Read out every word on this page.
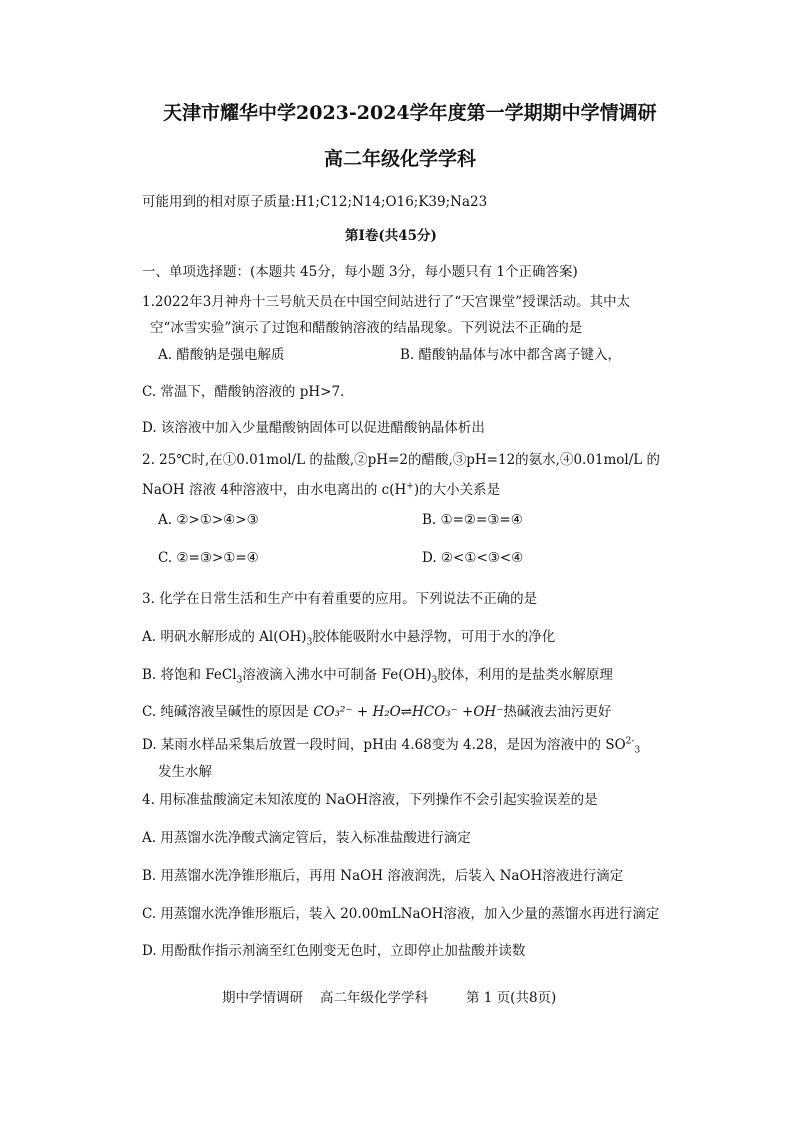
天津市耀华中学2023-2024学年度第一学期期中学情调研
高二年级化学学科
可能用到的相对原子质量:H1;C12;N14;O16;K39;Na23
第Ⅰ卷(共45分)
一、单项选择题：(本题共 45分，每小题 3分，每小题只有 1个正确答案)
1.2022年3月神舟十三号航天员在中国空间站进行了“天宫课堂”授课活动。其中太
空“冰雪实验”演示了过饱和醋酸钠溶液的结晶现象。下列说法不正确的是
A. 醋酸钠是强电解质	B. 醋酸钠晶体与冰中都含离子键入，
C. 常温下，醋酸钠溶液的 pH>7.
D. 该溶液中加入少量醋酸钠固体可以促进醋酸钠晶体析出
2. 25℃时,在①0.01mol/L 的盐酸,②pH=2的醋酸,③pH=12的氨水,④0.01mol/L 的
NaOH 溶液 4种溶液中，由水电离出的 c(H+)的大小关系是
A. ②>①>④>③	B. ①=②=③=④
C. ②=③>①=④	D. ②<①<③<④
3. 化学在日常生活和生产中有着重要的应用。下列说法不正确的是
A. 明矾水解形成的 $Al(OH)_3$胶体能吸附水中悬浮物，可用于水的净化
B. 将饱和 FeCl$_3$溶液滴入沸水中可制备 $Fe(OH)_3$胶体，利用的是盐类水解原理
C. 纯碱溶液呈碱性的原因是 CO₃²⁻ + H₂O⇌HCO₃⁻ +OH⁻热碱液去油污更好
D. 某雨水样品采集后放置一段时间，pH由 4.68变为 4.28，是因为溶液中的 $SO^{2-}_3$
发生水解
4. 用标准盐酸滴定未知浓度的 NaOH溶液，下列操作不会引起实验误差的是
A. 用蒸馏水洗净酸式滴定管后，装入标准盐酸进行滴定
B. 用蒸馏水洗净锥形瓶后，再用 NaOH 溶液润洗，后装入 NaOH溶液进行滴定
C. 用蒸馏水洗净锥形瓶后，装入 20.00mLNaOH溶液，加入少量的蒸馏水再进行滴定
D. 用酚酞作指示剂滴至红色刚变无色时，立即停止加盐酸并读数
期中学情调研 高二年级化学学科	第 1 页(共8页)
